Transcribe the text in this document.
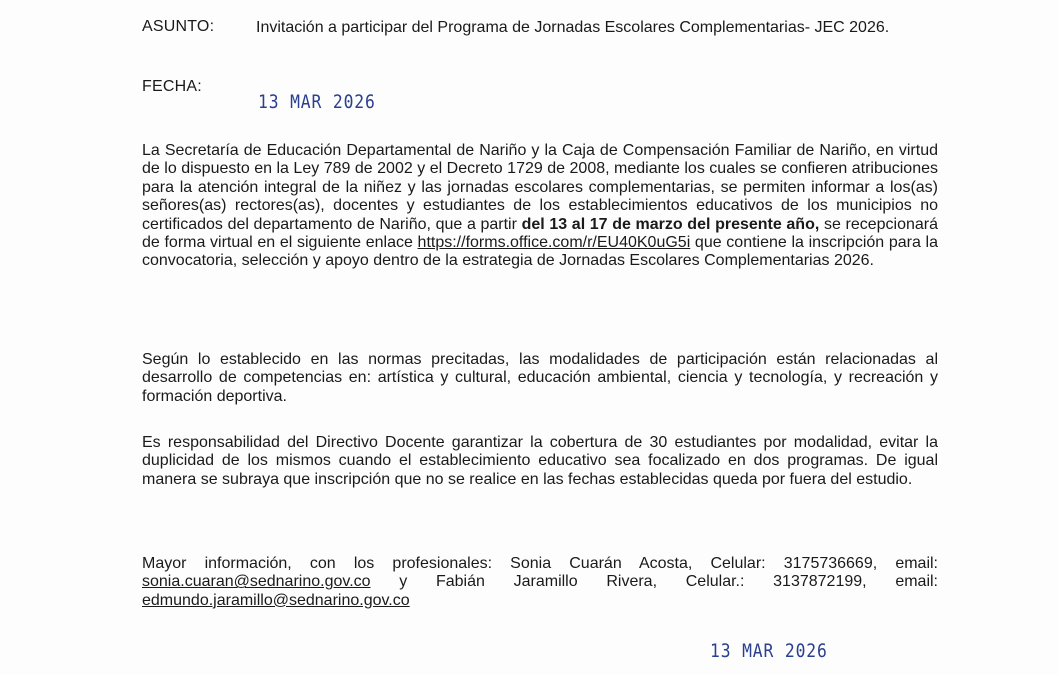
ASUNTO:	Invitación a participar del Programa de Jornadas Escolares Complementarias- JEC 2026.
FECHA:
13 MAR 2026
La Secretaría de Educación Departamental de Nariño y la Caja de Compensación Familiar de Nariño, en virtud de lo dispuesto en la Ley 789 de 2002 y el Decreto 1729 de 2008, mediante los cuales se confieren atribuciones para la atención integral de la niñez y las jornadas escolares complementarias, se permiten informar a los(as) señores(as) rectores(as), docentes y estudiantes de los establecimientos educativos de los municipios no certificados del departamento de Nariño, que a partir del 13 al 17 de marzo del presente año, se recepcionará de forma virtual en el siguiente enlace https://forms.office.com/r/EU40K0uG5i que contiene la inscripción para la convocatoria, selección y apoyo dentro de la estrategia de Jornadas Escolares Complementarias 2026.
Según lo establecido en las normas precitadas, las modalidades de participación están relacionadas al desarrollo de competencias en: artística y cultural, educación ambiental, ciencia y tecnología, y recreación y formación deportiva.
Es responsabilidad del Directivo Docente garantizar la cobertura de 30 estudiantes por modalidad, evitar la duplicidad de los mismos cuando el establecimiento educativo sea focalizado en dos programas. De igual manera se subraya que inscripción que no se realice en las fechas establecidas queda por fuera del estudio.
Mayor información, con los profesionales: Sonia Cuarán Acosta, Celular: 3175736669, email: sonia.cuaran@sednarino.gov.co y Fabián Jaramillo Rivera, Celular.: 3137872199, email: edmundo.jaramillo@sednarino.gov.co
13 MAR 2026
